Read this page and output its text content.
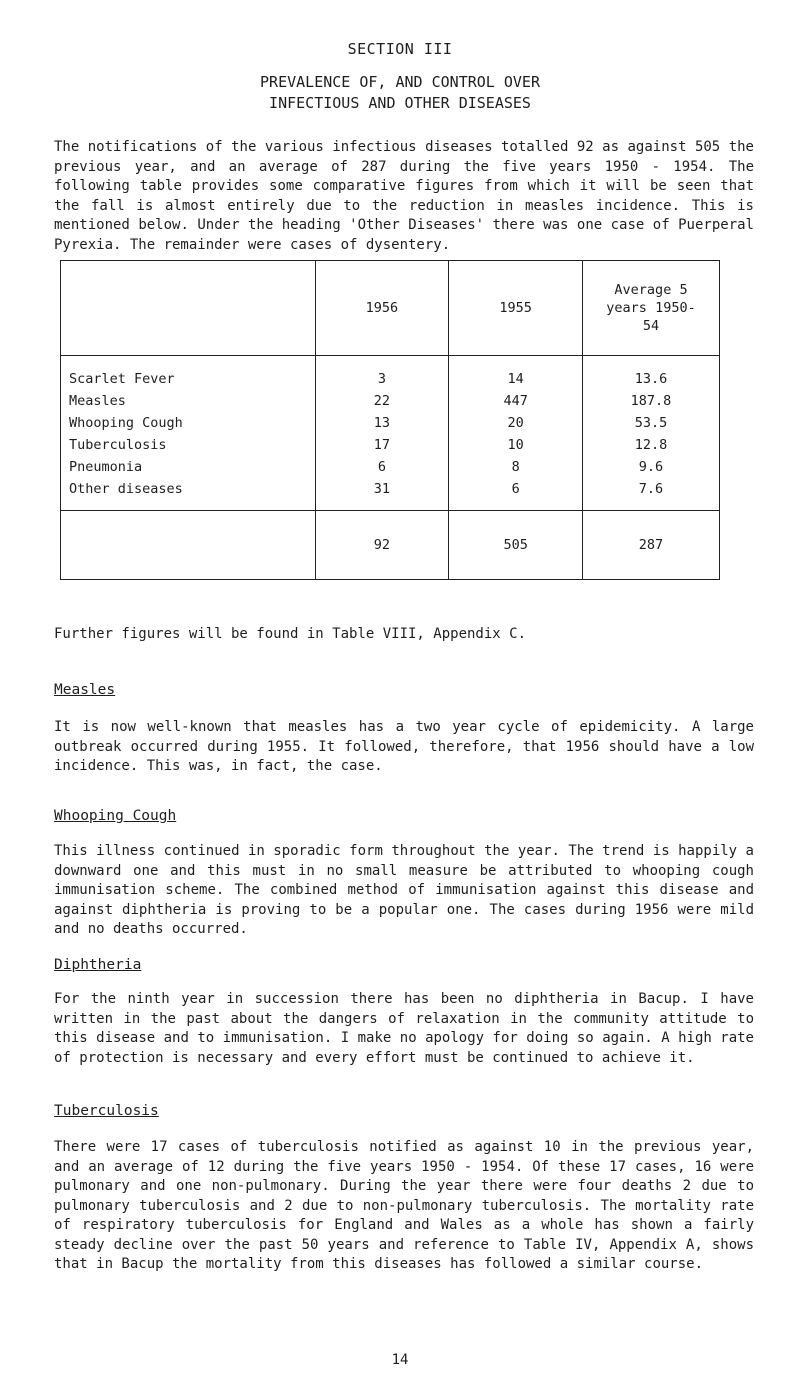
SECTION III
PREVALENCE OF, AND CONTROL OVER
INFECTIOUS AND OTHER DISEASES

The notifications of the various infectious diseases totalled 92 as against 505 the previous year, and an average of 287 during the five years 1950 - 1954. The following table provides some comparative figures from which it will be seen that the fall is almost entirely due to the reduction in measles incidence. This is mentioned below. Under the heading 'Other Diseases' there was one case of Puerperal Pyrexia. The remainder were cases of dysentery.

	1956	1955	Average 5 years 1950-54

Scarlet Fever	3	14	13.6
Measles	22	447	187.8
Whooping Cough	13	20	53.5
Tuberculosis	17	10	12.8
Pneumonia	6	8	9.6
Other diseases	31	6	7.6
	92	505	287

Further figures will be found in Table VIII, Appendix C.

Measles

It is now well-known that measles has a two year cycle of epidemicity. A large outbreak occurred during 1955. It followed, therefore, that 1956 should have a low incidence. This was, in fact, the case.

Whooping Cough

This illness continued in sporadic form throughout the year. The trend is happily a downward one and this must in no small measure be attributed to whooping cough immunisation scheme. The combined method of immunisation against this disease and against diphtheria is proving to be a popular one. The cases during 1956 were mild and no deaths occurred.

Diphtheria

For the ninth year in succession there has been no diphtheria in Bacup. I have written in the past about the dangers of relaxation in the community attitude to this disease and to immunisation. I make no apology for doing so again. A high rate of protection is necessary and every effort must be continued to achieve it.

Tuberculosis

There were 17 cases of tuberculosis notified as against 10 in the previous year, and an average of 12 during the five years 1950 - 1954. Of these 17 cases, 16 were pulmonary and one non-pulmonary. During the year there were four deaths 2 due to pulmonary tuberculosis and 2 due to non-pulmonary tuberculosis. The mortality rate of respiratory tuberculosis for England and Wales as a whole has shown a fairly steady decline over the past 50 years and reference to Table IV, Appendix A, shows that in Bacup the mortality from this diseases has followed a similar course.

14
